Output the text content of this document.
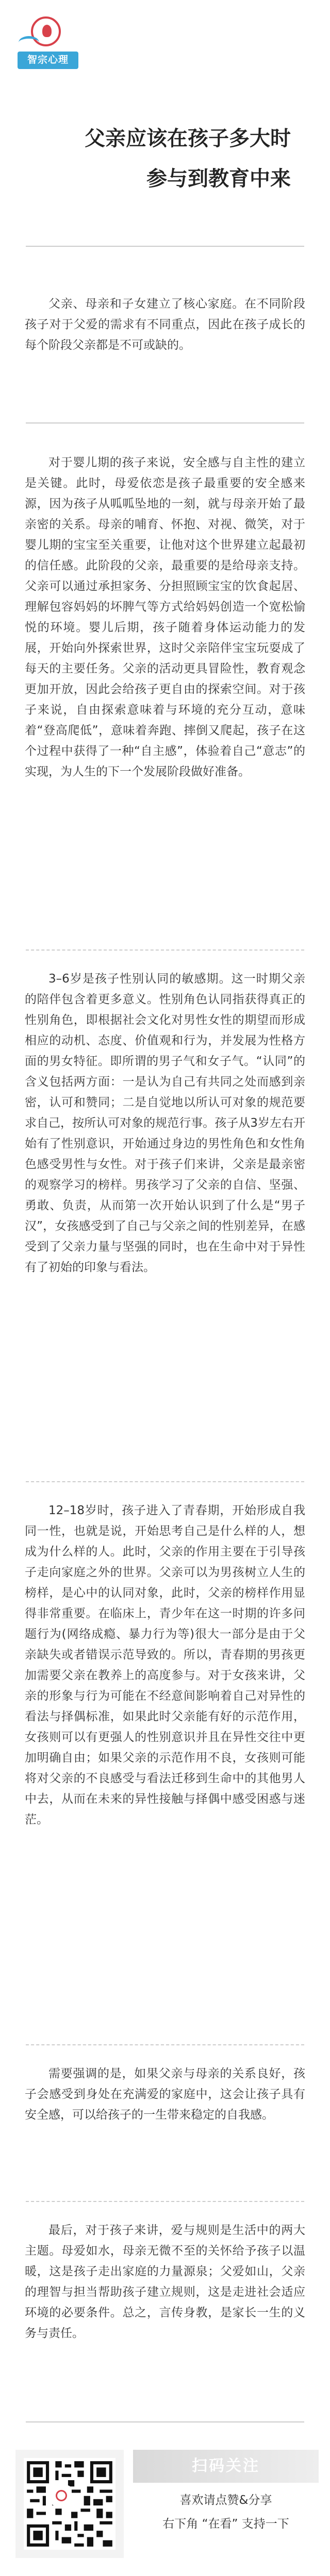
智宗心理
父亲应该在孩子多大时
参与到教育中来

父亲、母亲和子女建立了核心家庭。在不同阶段孩子对于父爱的需求有不同重点，因此在孩子成长的每个阶段父亲都是不可或缺的。

对于婴儿期的孩子来说，安全感与自主性的建立是关键。此时，母爱依恋是孩子最重要的安全感来源，因为孩子从呱呱坠地的一刻，就与母亲开始了最亲密的关系。母亲的哺育、怀抱、对视、微笑，对于婴儿期的宝宝至关重要，让他对这个世界建立起最初的信任感。此阶段的父亲，最重要的是给母亲支持。父亲可以通过承担家务、分担照顾宝宝的饮食起居、理解包容妈妈的坏脾气等方式给妈妈创造一个宽松愉悦的环境。婴儿后期，孩子随着身体运动能力的发展，开始向外探索世界，这时父亲陪伴宝宝玩耍成了每天的主要任务。父亲的活动更具冒险性，教育观念更加开放，因此会给孩子更自由的探索空间。对于孩子来说，自由探索意味着与环境的充分互动，意味着“登高爬低”，意味着奔跑、摔倒又爬起，孩子在这个过程中获得了一种“自主感”，体验着自己“意志”的实现，为人生的下一个发展阶段做好准备。

3–6岁是孩子性别认同的敏感期。这一时期父亲的陪伴包含着更多意义。性别角色认同指获得真正的性别角色，即根据社会文化对男性女性的期望而形成相应的动机、态度、价值观和行为，并发展为性格方面的男女特征。即所谓的男子气和女子气。“认同”的含义包括两方面：一是认为自己有共同之处而感到亲密，认可和赞同；二是自觉地以所认可对象的规范要求自己，按所认可对象的规范行事。孩子从3岁左右开始有了性别意识，开始通过身边的男性角色和女性角色感受男性与女性。对于孩子们来讲，父亲是最亲密的观察学习的榜样。男孩学习了父亲的自信、坚强、勇敢、负责，从而第一次开始认识到了什么是“男子汉”，女孩感受到了自己与父亲之间的性别差异，在感受到了父亲力量与坚强的同时，也在生命中对于异性有了初始的印象与看法。

12–18岁时，孩子进入了青春期，开始形成自我同一性，也就是说，开始思考自己是什么样的人，想成为什么样的人。此时，父亲的作用主要在于引导孩子走向家庭之外的世界。父亲可以为男孩树立人生的榜样，是心中的认同对象，此时，父亲的榜样作用显得非常重要。在临床上，青少年在这一时期的许多问题行为(网络成瘾、暴力行为等)很大一部分是由于父亲缺失或者错误示范导致的。所以，青春期的男孩更加需要父亲在教养上的高度参与。对于女孩来讲，父亲的形象与行为可能在不经意间影响着自己对异性的看法与择偶标准，如果此时父亲能有好的示范作用，女孩则可以有更强人的性别意识并且在异性交往中更加明确自由；如果父亲的示范作用不良，女孩则可能将对父亲的不良感受与看法迁移到生命中的其他男人中去，从而在未来的异性接触与择偶中感受困惑与迷茫。

需要强调的是，如果父亲与母亲的关系良好，孩子会感受到身处在充满爱的家庭中，这会让孩子具有安全感，可以给孩子的一生带来稳定的自我感。

最后，对于孩子来讲，爱与规则是生活中的两大主题。母爱如水，母亲无微不至的关怀给予孩子以温暖，这是孩子走出家庭的力量源泉；父爱如山，父亲的理智与担当帮助孩子建立规则，这是走进社会适应环境的必要条件。总之，言传身教，是家长一生的义务与责任。

扫码关注
喜欢请点赞&分享
右下角 “在看” 支持一下
